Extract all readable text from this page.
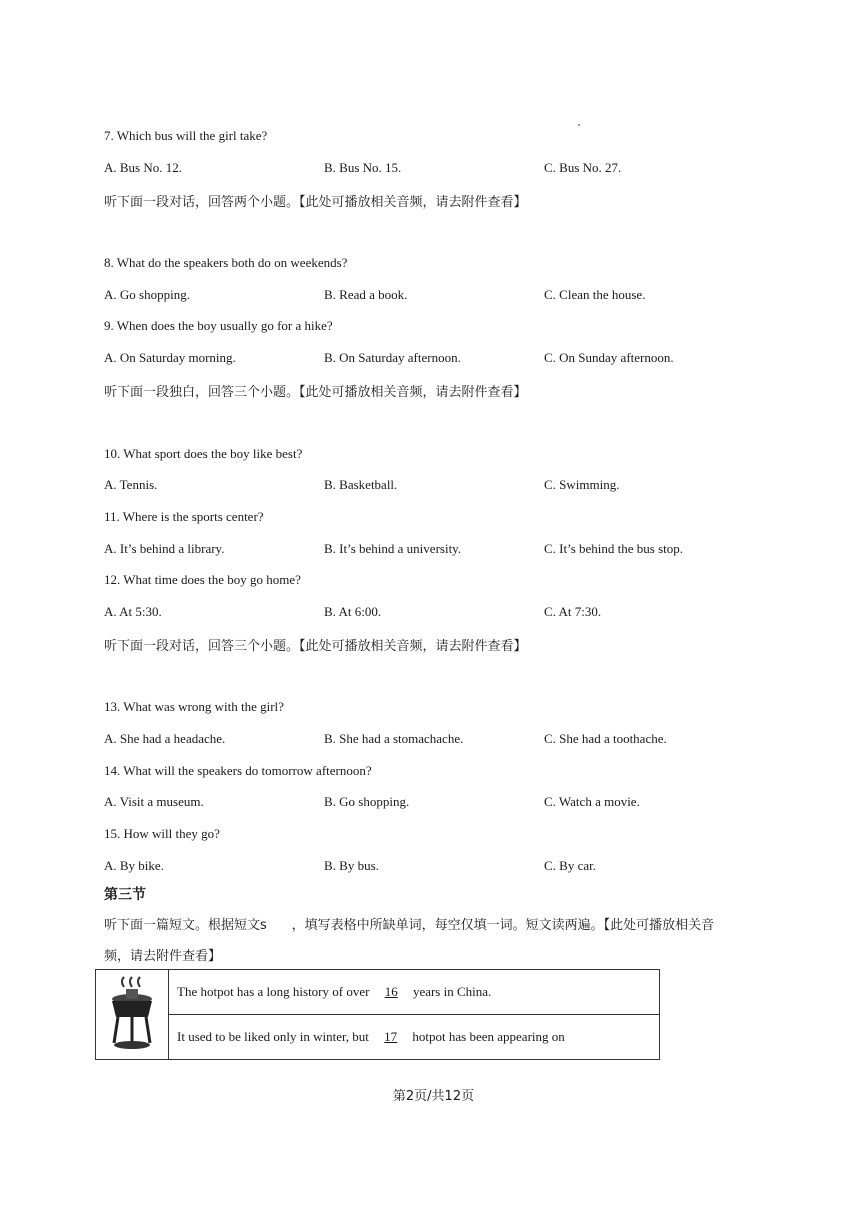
7. Which bus will the girl take?
A. Bus No. 12.	B. Bus No. 15.	C. Bus No. 27.
听下面一段对话，回答两个小题。【此处可播放相关音频，请去附件查看】
8. What do the speakers both do on weekends?
A. Go shopping.	B. Read a book.	C. Clean the house.
9. When does the boy usually go for a hike?
A. On Saturday morning.	B. On Saturday afternoon.	C. On Sunday afternoon.
听下面一段独白，回答三个小题。【此处可播放相关音频，请去附件查看】
10. What sport does the boy like best?
A. Tennis.	B. Basketball.	C. Swimming.
11. Where is the sports center?
A. It’s behind a library.	B. It’s behind a university.	C. It’s behind the bus stop.
12. What time does the boy go home?
A. At 5:30.	B. At 6:00.	C. At 7:30.
听下面一段对话，回答三个小题。【此处可播放相关音频，请去附件查看】
13. What was wrong with the girl?
A. She had a headache.	B. She had a stomachache.	C. She had a toothache.
14. What will the speakers do tomorrow afternoon?
A. Visit a museum.	B. Go shopping.	C. Watch a movie.
15. How will they go?
A. By bike.	B. By bus.	C. By car.
第三节
听下面一篇短文。根据短文s      ，填写表格中所缺单词，每空仅填一词。短文读两遍。【此处可播放相关音
频，请去附件查看】
	The hotpot has a long history of over 16 years in China.
It used to be liked only in winter, but 17 hotpot has been appearing on
第2页/共12页
